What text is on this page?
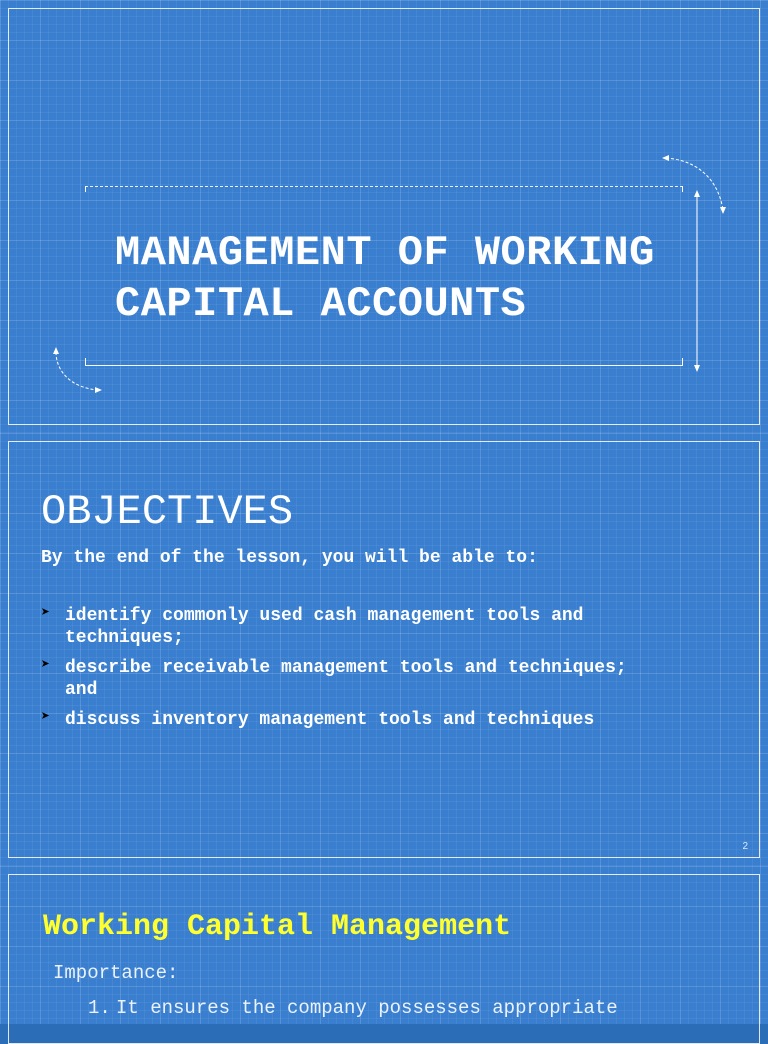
MANAGEMENT OF WORKING
CAPITAL ACCOUNTS
OBJECTIVES

By the end of the lesson, you will be able to:

➤ identify commonly used cash management tools and
techniques;
➤ describe receivable management tools and techniques;
and
➤ discuss inventory management tools and techniques
2
Working Capital Management

Importance:

1. It ensures the company possesses appropriate
